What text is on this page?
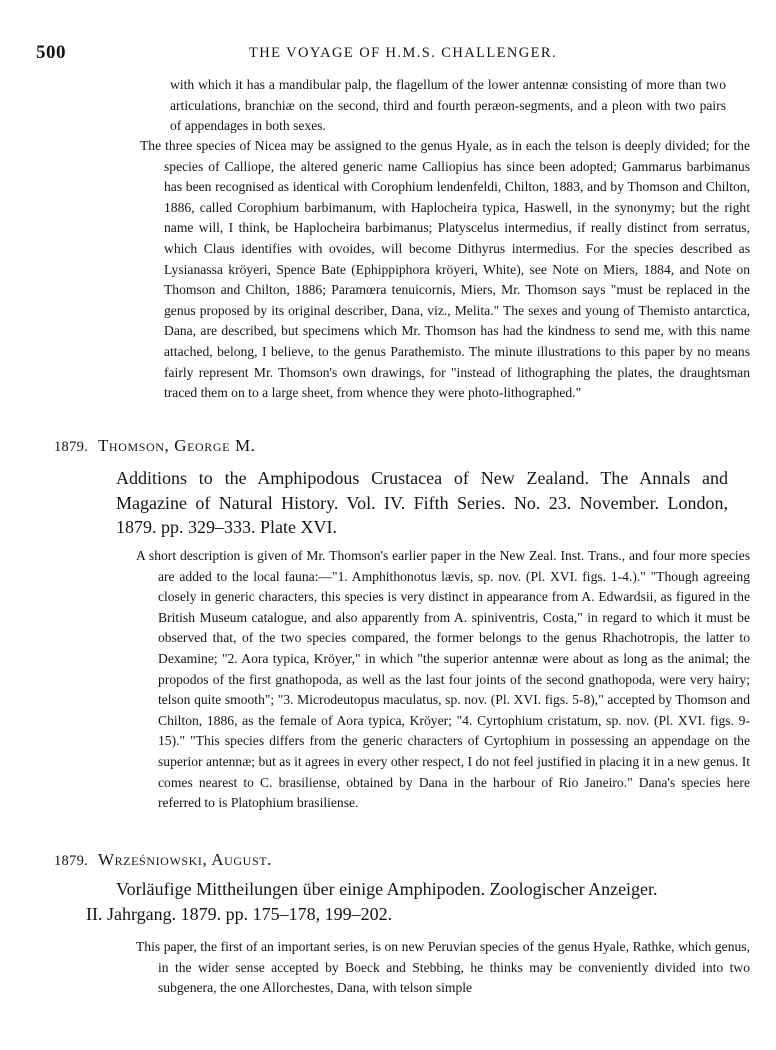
500	THE VOYAGE OF H.M.S. CHALLENGER.
with which it has a mandibular palp, the flagellum of the lower antennæ consisting of more than two articulations, branchiæ on the second, third and fourth peræon-segments, and a pleon with two pairs of appendages in both sexes.
The three species of Nicea may be assigned to the genus Hyale, as in each the telson is deeply divided; for the species of Calliope, the altered generic name Calliopius has since been adopted; Gammarus barbimanus has been recognised as identical with Corophium lendenfeldi, Chilton, 1883, and by Thomson and Chilton, 1886, called Corophium barbimanum, with Haplocheira typica, Haswell, in the synonymy; but the right name will, I think, be Haplocheira barbimanus; Platyscelus intermedius, if really distinct from serratus, which Claus identifies with ovoides, will become Dithyrus intermedius. For the species described as Lysianassa kröyeri, Spence Bate (Ephippiphora kröyeri, White), see Note on Miers, 1884, and Note on Thomson and Chilton, 1886; Paramœra tenuicornis, Miers, Mr. Thomson says "must be replaced in the genus proposed by its original describer, Dana, viz., Melita." The sexes and young of Themisto antarctica, Dana, are described, but specimens which Mr. Thomson has had the kindness to send me, with this name attached, belong, I believe, to the genus Parathemisto. The minute illustrations to this paper by no means fairly represent Mr. Thomson's own drawings, for "instead of lithographing the plates, the draughtsman traced them on to a large sheet, from whence they were photo-lithographed."
1879. Thomson, George M.
Additions to the Amphipodous Crustacea of New Zealand. The Annals and Magazine of Natural History. Vol. IV. Fifth Series. No. 23. November. London, 1879. pp. 329–333. Plate XVI.
A short description is given of Mr. Thomson's earlier paper in the New Zeal. Inst. Trans., and four more species are added to the local fauna:—"1. Amphithonotus lævis, sp. nov. (Pl. XVI. figs. 1-4.)." "Though agreeing closely in generic characters, this species is very distinct in appearance from A. Edwardsii, as figured in the British Museum catalogue, and also apparently from A. spiniventris, Costa," in regard to which it must be observed that, of the two species compared, the former belongs to the genus Rhachotropis, the latter to Dexamine; "2. Aora typica, Kröyer," in which "the superior antennæ were about as long as the animal; the propodos of the first gnathopoda, as well as the last four joints of the second gnathopoda, were very hairy; telson quite smooth"; "3. Microdeutopus maculatus, sp. nov. (Pl. XVI. figs. 5-8)," accepted by Thomson and Chilton, 1886, as the female of Aora typica, Kröyer; "4. Cyrtophium cristatum, sp. nov. (Pl. XVI. figs. 9-15)." "This species differs from the generic characters of Cyrtophium in possessing an appendage on the superior antennæ; but as it agrees in every other respect, I do not feel justified in placing it in a new genus. It comes nearest to C. brasiliense, obtained by Dana in the harbour of Rio Janeiro." Dana's species here referred to is Platophium brasiliense.
1879. Wrześniowski, August.
Vorläufige Mittheilungen über einige Amphipoden. Zoologischer Anzeiger.
II. Jahrgang. 1879. pp. 175–178, 199–202.
This paper, the first of an important series, is on new Peruvian species of the genus Hyale, Rathke, which genus, in the wider sense accepted by Boeck and Stebbing, he thinks may be conveniently divided into two subgenera, the one Allorchestes, Dana, with telson simple
